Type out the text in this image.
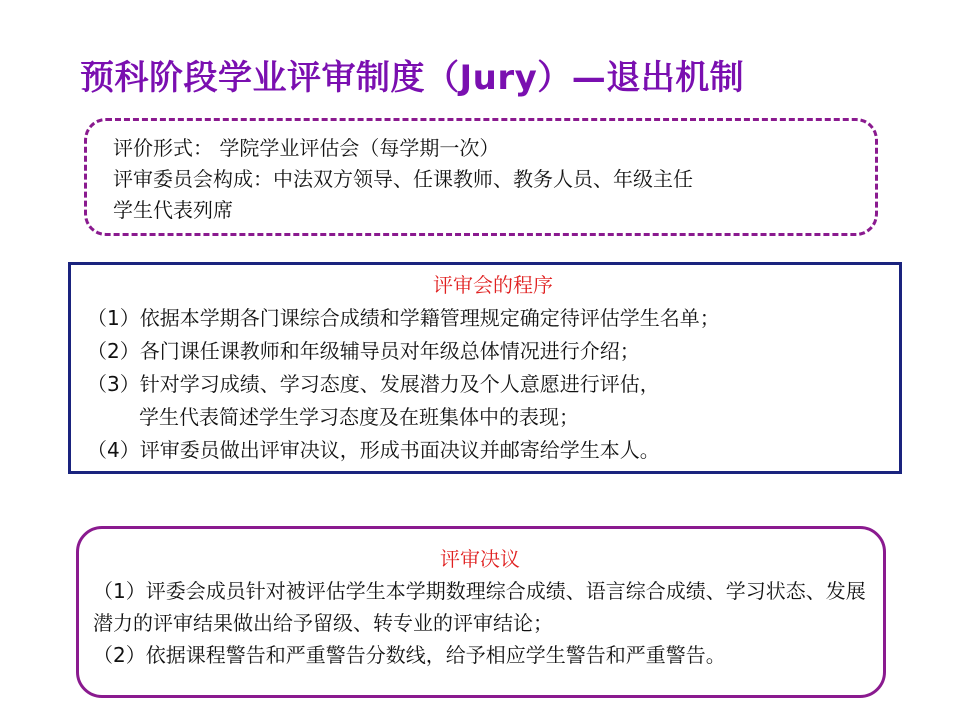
预科阶段学业评审制度（Jury）—退出机制
评价形式： 学院学业评估会（每学期一次）
评审委员会构成：中法双方领导、任课教师、教务人员、年级主任
学生代表列席
评审会的程序
（1）依据本学期各门课综合成绩和学籍管理规定确定待评估学生名单；
（2）各门课任课教师和年级辅导员对年级总体情况进行介绍；
（3）针对学习成绩、学习态度、发展潜力及个人意愿进行评估，
学生代表简述学生学习态度及在班集体中的表现；
（4）评审委员做出评审决议，形成书面决议并邮寄给学生本人。
评审决议
（1）评委会成员针对被评估学生本学期数理综合成绩、语言综合成绩、学习状态、发展潜力的评审结果做出给予留级、转专业的评审结论；
（2）依据课程警告和严重警告分数线，给予相应学生警告和严重警告。
